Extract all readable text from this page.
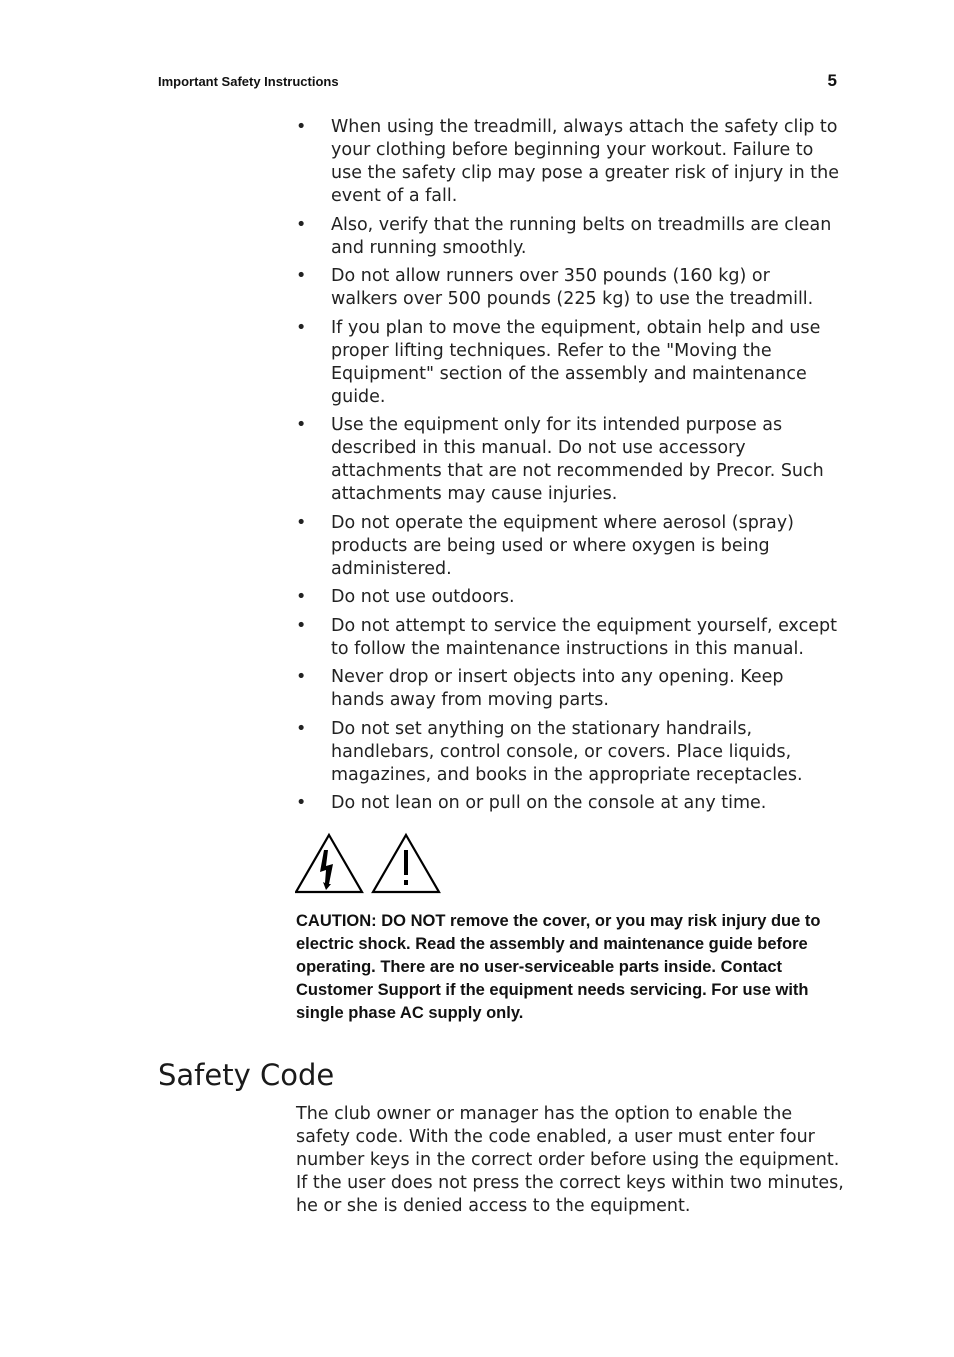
Important Safety Instructions	5
• When using the treadmill, always attach the safety clip to your clothing before beginning your workout. Failure to use the safety clip may pose a greater risk of injury in the event of a fall.
• Also, verify that the running belts on treadmills are clean and running smoothly.
• Do not allow runners over 350 pounds (160 kg) or walkers over 500 pounds (225 kg) to use the treadmill.
• If you plan to move the equipment, obtain help and use proper lifting techniques. Refer to the "Moving the Equipment" section of the assembly and maintenance guide.
• Use the equipment only for its intended purpose as described in this manual. Do not use accessory attachments that are not recommended by Precor. Such attachments may cause injuries.
• Do not operate the equipment where aerosol (spray) products are being used or where oxygen is being administered.
• Do not use outdoors.
• Do not attempt to service the equipment yourself, except to follow the maintenance instructions in this manual.
• Never drop or insert objects into any opening. Keep hands away from moving parts.
• Do not set anything on the stationary handrails, handlebars, control console, or covers. Place liquids, magazines, and books in the appropriate receptacles.
• Do not lean on or pull on the console at any time.
CAUTION: DO NOT remove the cover, or you may risk injury due to electric shock. Read the assembly and maintenance guide before operating. There are no user-serviceable parts inside. Contact Customer Support if the equipment needs servicing. For use with single phase AC supply only.
Safety Code

The club owner or manager has the option to enable the safety code. With the code enabled, a user must enter four number keys in the correct order before using the equipment. If the user does not press the correct keys within two minutes, he or she is denied access to the equipment.
